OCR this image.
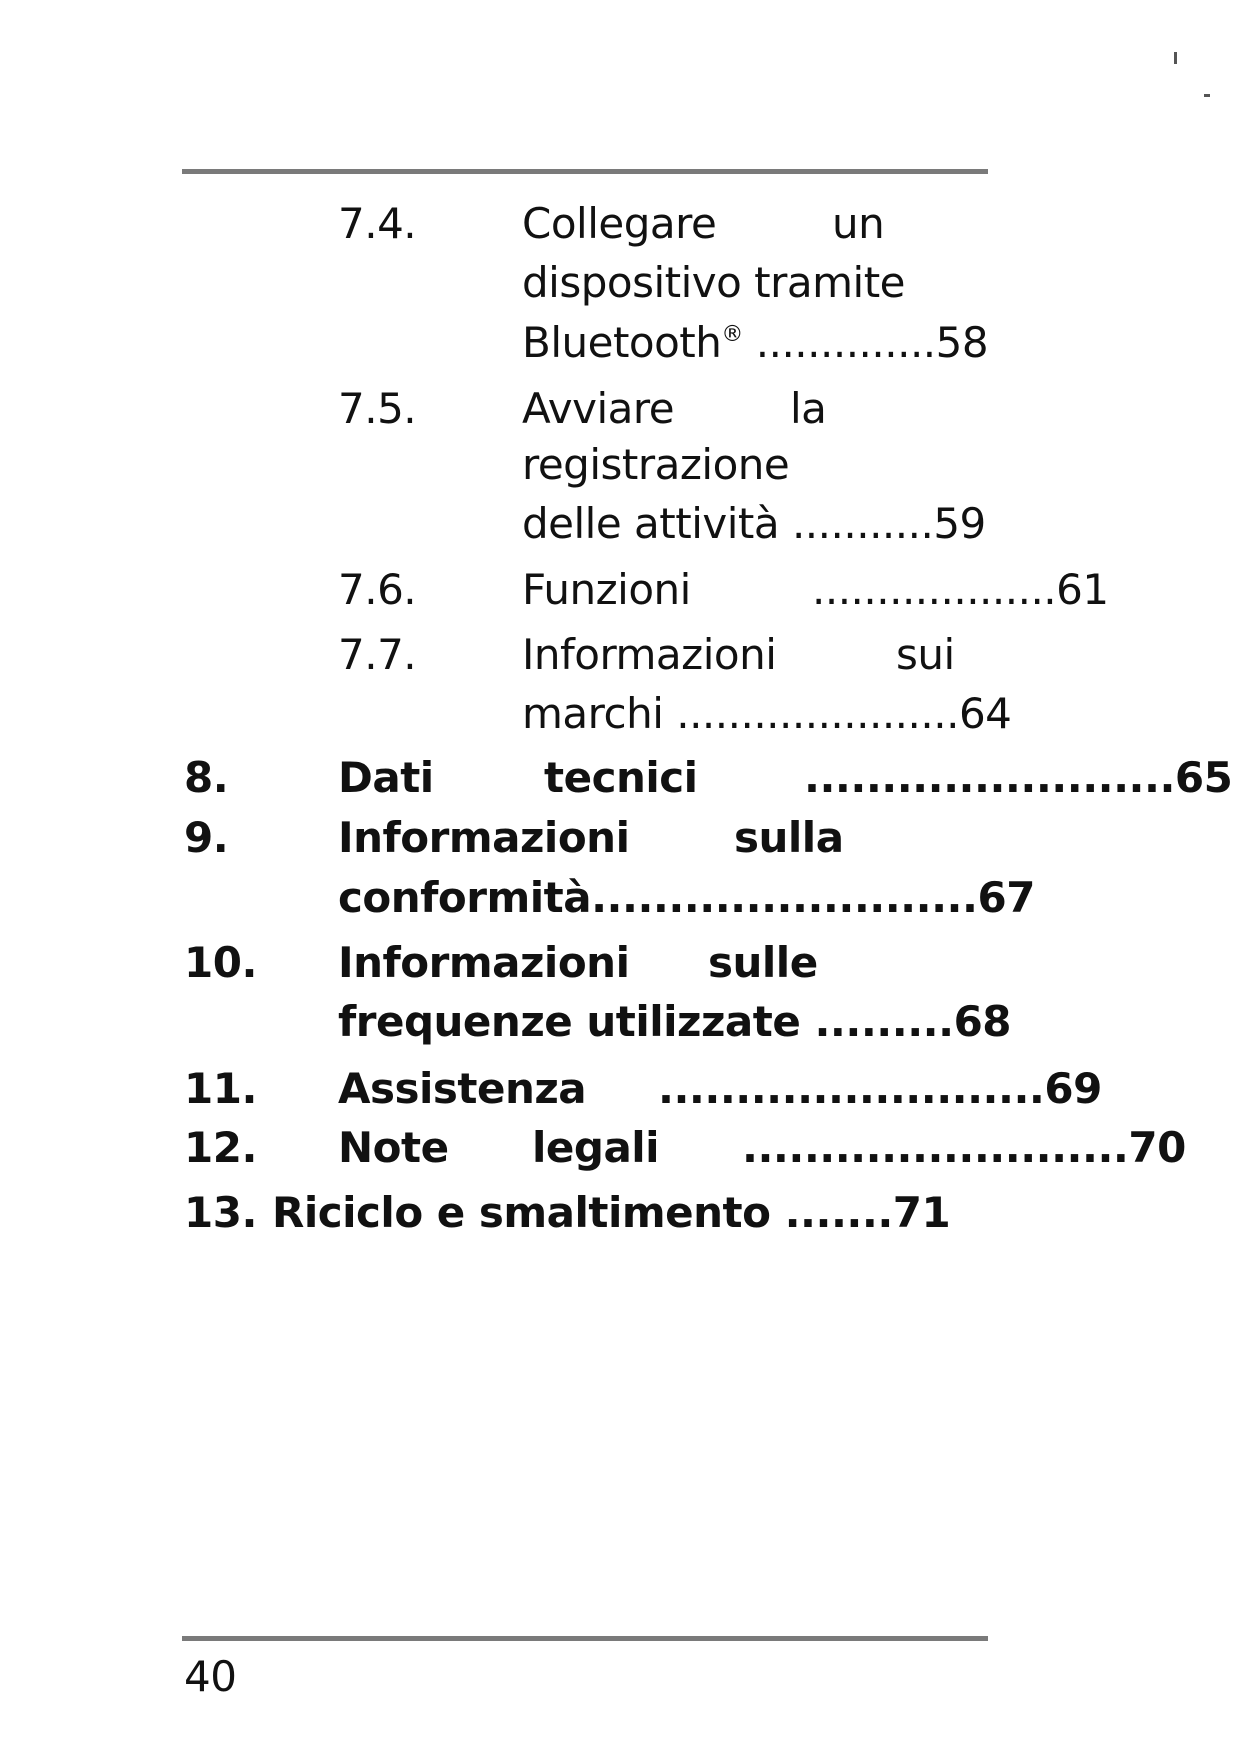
7.4.	Collegare	un
dispositivo tramite
Bluetooth® ..............58
7.5.	Avviare	la
registrazione
delle attività ...........59
7.6.	Funzioni	...................61
7.7.	Informazioni	sui
marchi ......................64
8.	Dati	tecnici	........................65
9.	Informazioni sulla
conformità.........................67
10. Informazioni sulle
frequenze utilizzate .........68
11. Assistenza .........................69
12. Note legali .........................70
13. Riciclo e smaltimento .......71
40
